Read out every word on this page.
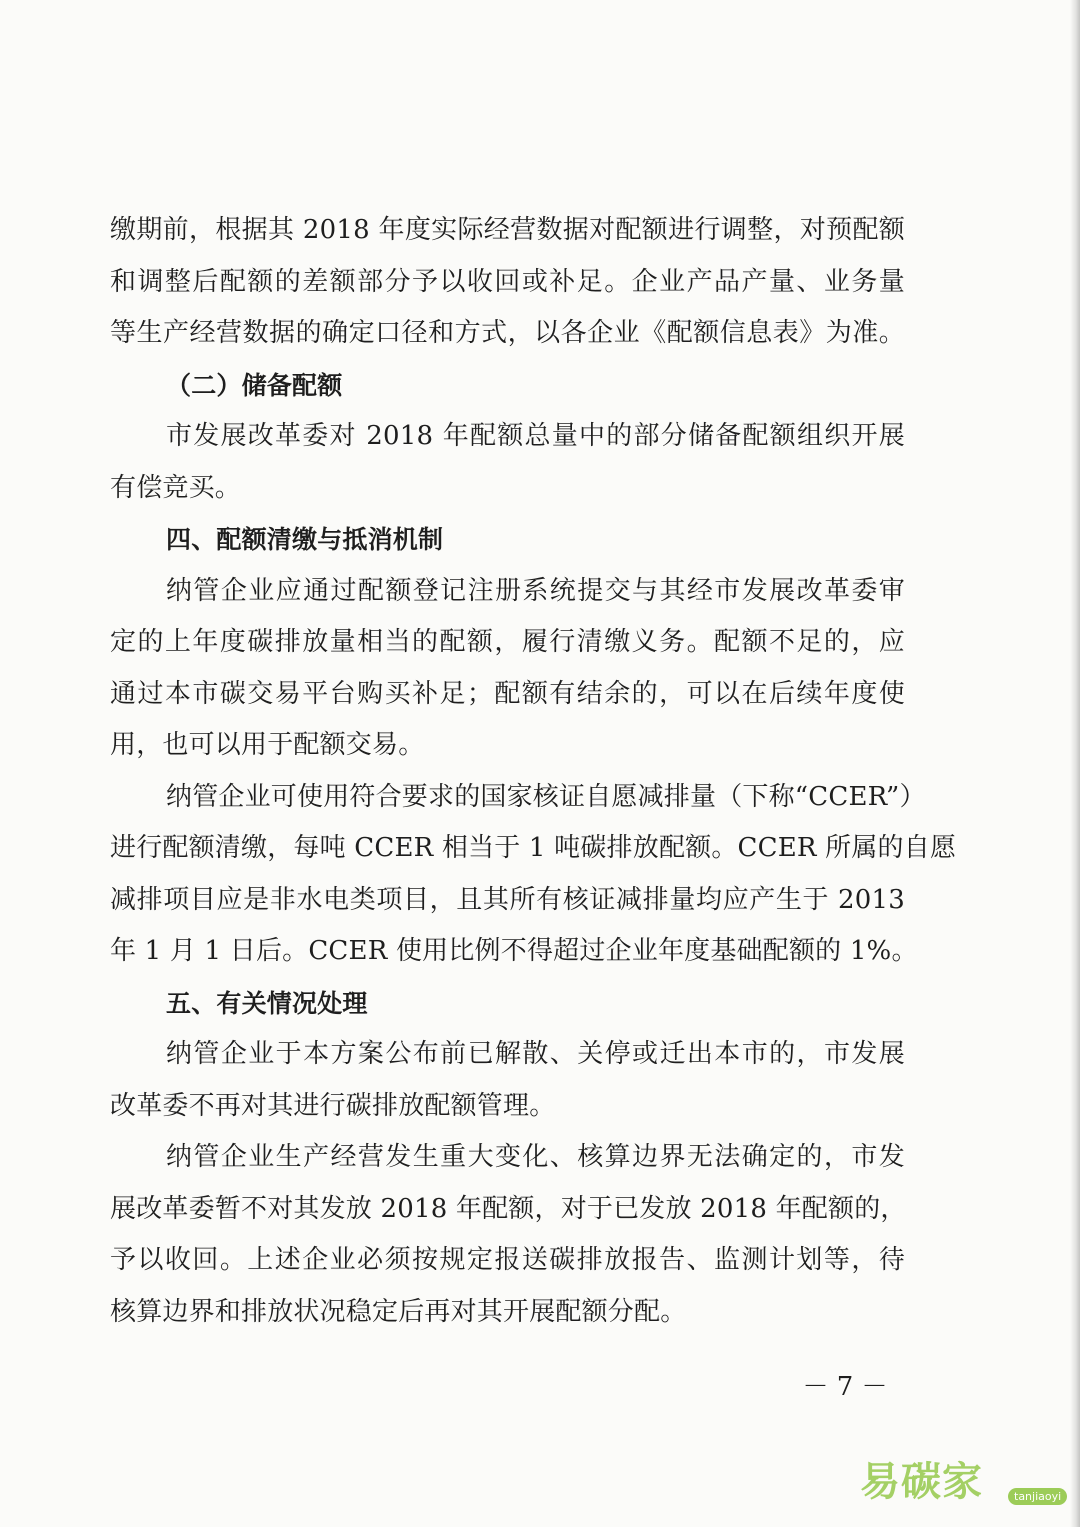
缴期前，根据其 2018 年度实际经营数据对配额进行调整，对预配额
和调整后配额的差额部分予以收回或补足。企业产品产量、业务量
等生产经营数据的确定口径和方式，以各企业《配额信息表》为准。
（二）储备配额
市发展改革委对 2018 年配额总量中的部分储备配额组织开展
有偿竞买。
四、配额清缴与抵消机制
纳管企业应通过配额登记注册系统提交与其经市发展改革委审
定的上年度碳排放量相当的配额，履行清缴义务。配额不足的，应
通过本市碳交易平台购买补足；配额有结余的，可以在后续年度使
用，也可以用于配额交易。
纳管企业可使用符合要求的国家核证自愿减排量（下称“CCER”）
进行配额清缴，每吨 CCER 相当于 1 吨碳排放配额。CCER 所属的自愿
减排项目应是非水电类项目，且其所有核证减排量均应产生于 2013
年 1 月 1 日后。CCER 使用比例不得超过企业年度基础配额的 1%。
五、有关情况处理
纳管企业于本方案公布前已解散、关停或迁出本市的，市发展
改革委不再对其进行碳排放配额管理。
纳管企业生产经营发生重大变化、核算边界无法确定的，市发
展改革委暂不对其发放 2018 年配额，对于已发放 2018 年配额的，
予以收回。上述企业必须按规定报送碳排放报告、监测计划等，待
核算边界和排放状况稳定后再对其开展配额分配。
－ 7 －
易碳家	tanjiaoyi
